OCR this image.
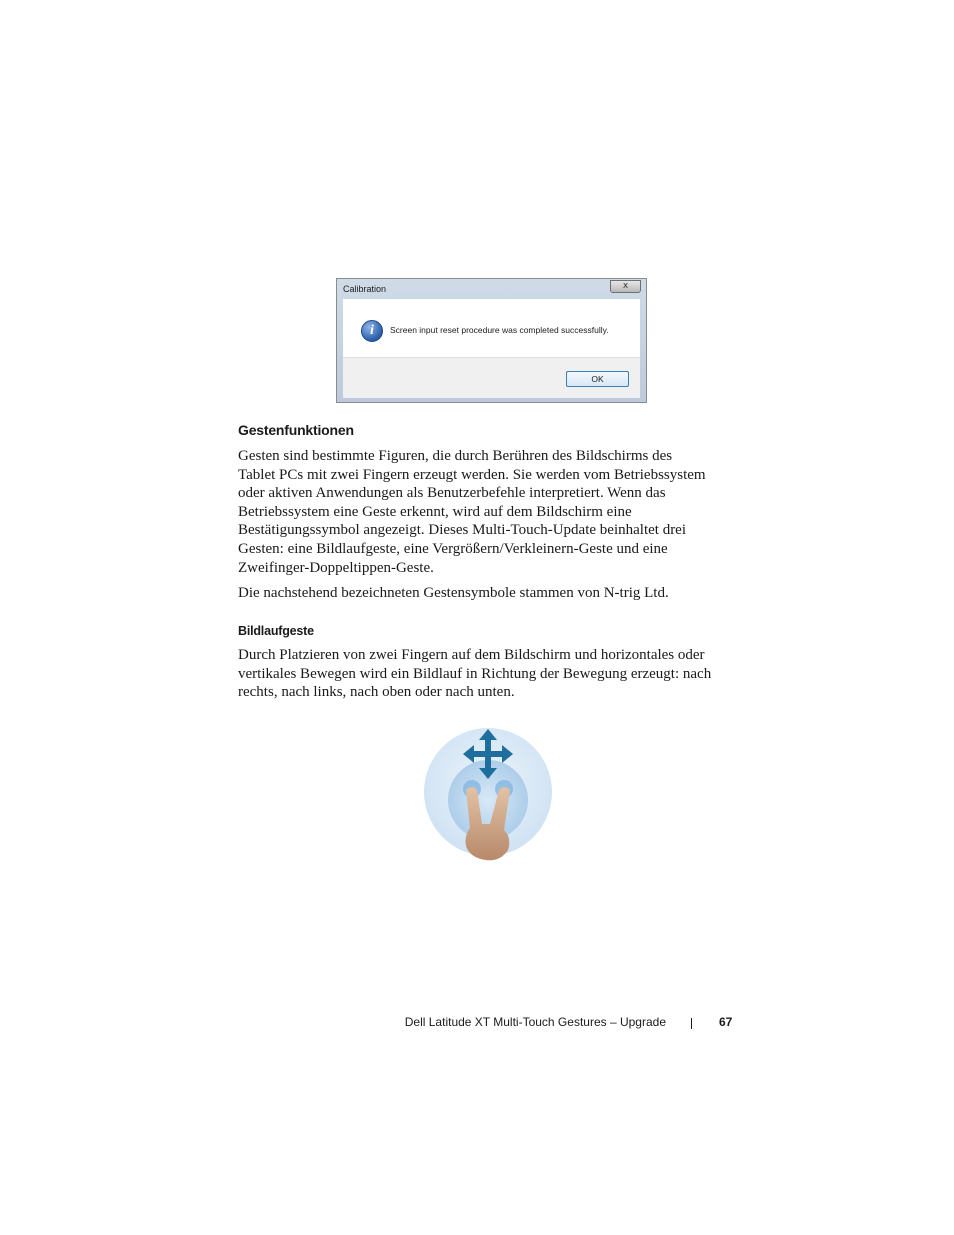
Calibration	x
i	Screen input reset procedure was completed successfully.
OK
Gestenfunktionen

Gesten sind bestimmte Figuren, die durch Berühren des Bildschirms des
Tablet PCs mit zwei Fingern erzeugt werden. Sie werden vom Betriebssystem
oder aktiven Anwendungen als Benutzerbefehle interpretiert. Wenn das
Betriebssystem eine Geste erkennt, wird auf dem Bildschirm eine
Bestätigungssymbol angezeigt. Dieses Multi-Touch-Update beinhaltet drei
Gesten: eine Bildlaufgeste, eine Vergrößern/Verkleinern-Geste und eine
Zweifinger-Doppeltippen-Geste.

Die nachstehend bezeichneten Gestensymbole stammen von N-trig Ltd.

Bildlaufgeste

Durch Platzieren von zwei Fingern auf dem Bildschirm und horizontales oder
vertikales Bewegen wird ein Bildlauf in Richtung der Bewegung erzeugt: nach
rechts, nach links, nach oben oder nach unten.

Dell Latitude XT Multi-Touch Gestures – Upgrade	67
